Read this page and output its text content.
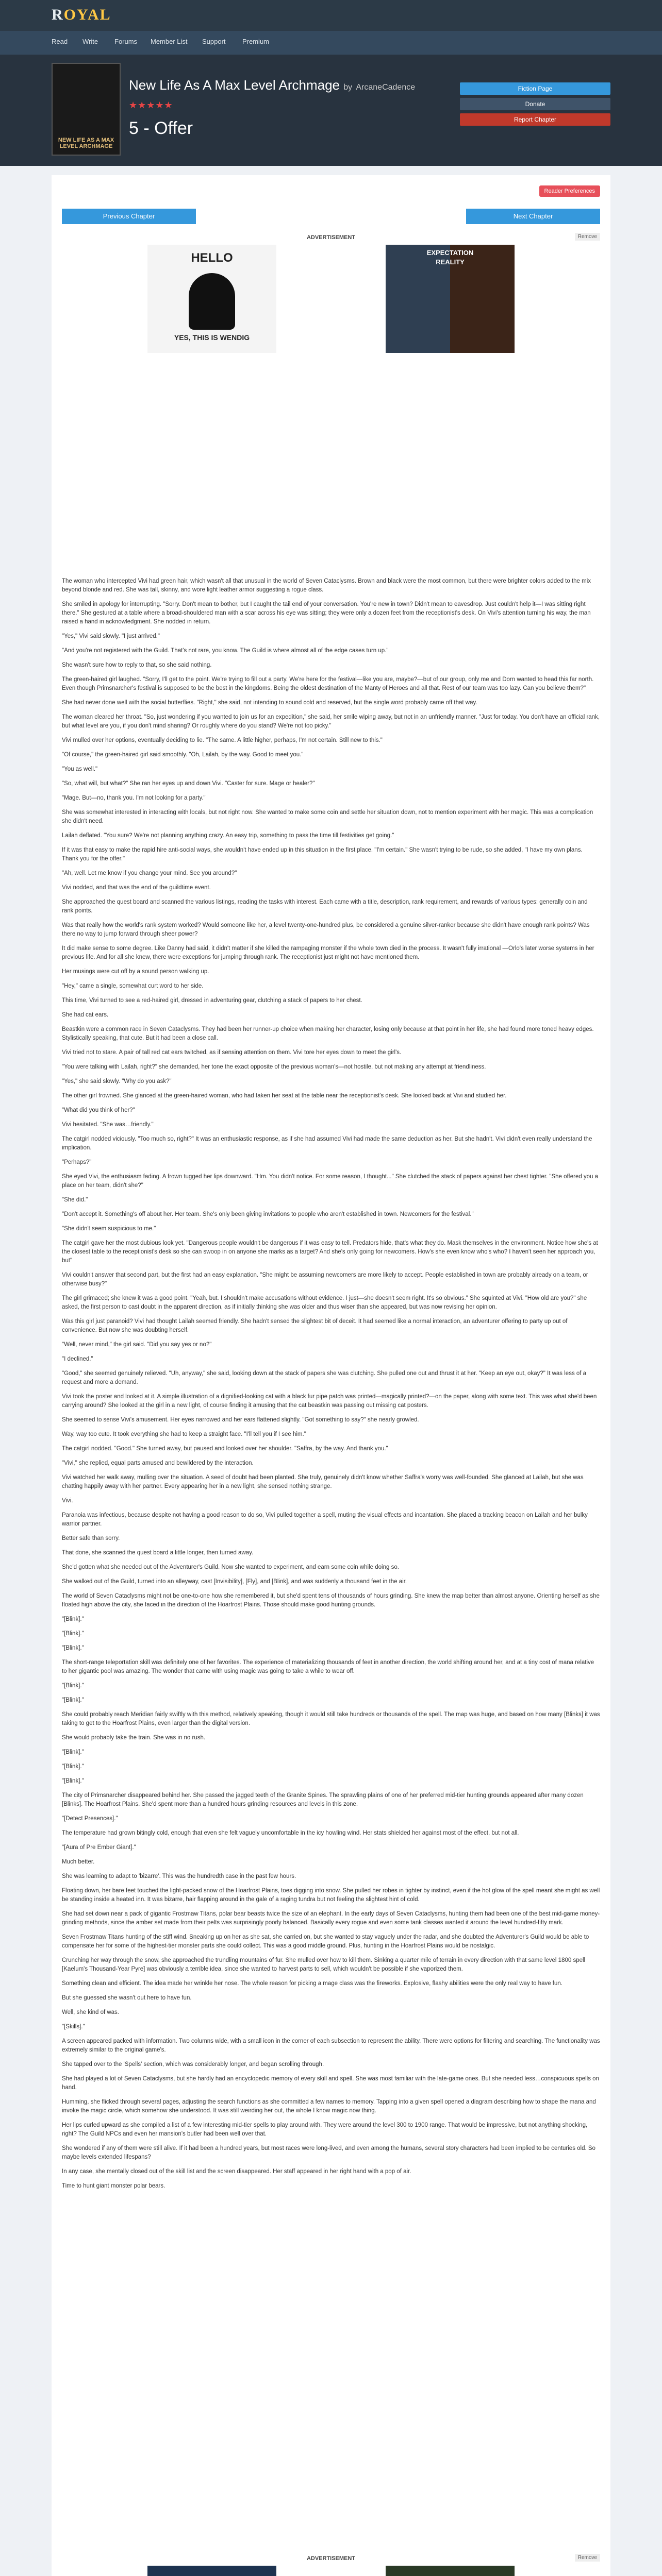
ROYAL
Read Write Forums Member List Support Premium
NEW LIFE AS A MAX LEVEL ARCHMAGE
New Life As A Max Level Archmage by ArcaneCadence
★★★★★
5 - Offer
Fiction Page
Donate
Report Chapter
Reader Preferences
Previous Chapter	Next Chapter
ADVERTISEMENT	Remove
HELLO
YES, THIS IS WENDIG
EXPECTATION
REALITY

The woman who intercepted Vivi had green hair, which wasn't all that unusual in the world of Seven Cataclysms. Brown and black were the most common, but there were brighter colors added to the mix beyond blonde and red. She was tall, skinny, and wore light leather armor suggesting a rogue class.

She smiled in apology for interrupting. "Sorry. Don't mean to bother, but I caught the tail end of your conversation. You're new in town? Didn't mean to eavesdrop. Just couldn't help it—I was sitting right there." She gestured at a table where a broad-shouldered man with a scar across his eye was sitting; they were only a dozen feet from the receptionist's desk. On Vivi's attention turning his way, the man raised a hand in acknowledgment. She nodded in return.

"Yes," Vivi said slowly. "I just arrived."

"And you're not registered with the Guild. That's not rare, you know. The Guild is where almost all of the edge cases turn up."

She wasn't sure how to reply to that, so she said nothing.

The green-haired girl laughed. "Sorry, I'll get to the point. We're trying to fill out a party. We're here for the festival—like you are, maybe?—but of our group, only me and Dorn wanted to head this far north. Even though Primsnarcher's festival is supposed to be the best in the kingdoms. Being the oldest destination of the Manty of Heroes and all that. Rest of our team was too lazy. Can you believe them?"

She had never done well with the social butterflies. "Right," she said, not intending to sound cold and reserved, but the single word probably came off that way.

The woman cleared her throat. "So, just wondering if you wanted to join us for an expedition," she said, her smile wiping away, but not in an unfriendly manner. "Just for today. You don't have an official rank, but what level are you, if you don't mind sharing? Or roughly where do you stand? We're not too picky."

Vivi mulled over her options, eventually deciding to lie. "The same. A little higher, perhaps, I'm not certain. Still new to this."

"Of course," the green-haired girl said smoothly. "Oh, Lailah, by the way. Good to meet you."

"You as well."

"So, what will, but what?" She ran her eyes up and down Vivi. "Caster for sure. Mage or healer?"

"Mage. But—no, thank you. I'm not looking for a party."

She was somewhat interested in interacting with locals, but not right now. She wanted to make some coin and settle her situation down, not to mention experiment with her magic. This was a complication she didn't need.

Lailah deflated. "You sure? We're not planning anything crazy. An easy trip, something to pass the time till festivities get going."

If it was that easy to make the rapid hire anti-social ways, she wouldn't have ended up in this situation in the first place. "I'm certain." She wasn't trying to be rude, so she added, "I have my own plans. Thank you for the offer."

"Ah, well. Let me know if you change your mind. See you around?"

Vivi nodded, and that was the end of the guildtime event.

She approached the quest board and scanned the various listings, reading the tasks with interest. Each came with a title, description, rank requirement, and rewards of various types: generally coin and rank points.

Was that really how the world's rank system worked? Would someone like her, a level twenty-one-hundred plus, be considered a genuine silver-ranker because she didn't have enough rank points? Was there no way to jump forward through sheer power?

It did make sense to some degree. Like Danny had said, it didn't matter if she killed the rampaging monster if the whole town died in the process. It wasn't fully irrational —Orlo's later worse systems in her previous life. And for all she knew, there were exceptions for jumping through rank. The receptionist just might not have mentioned them.

Her musings were cut off by a sound person walking up.

"Hey," came a single, somewhat curt word to her side.

This time, Vivi turned to see a red-haired girl, dressed in adventuring gear, clutching a stack of papers to her chest.

She had cat ears.

Beastkin were a common race in Seven Cataclysms. They had been her runner-up choice when making her character, losing only because at that point in her life, she had found more toned heavy edges. Stylistically speaking, that cute. But it had been a close call.

Vivi tried not to stare. A pair of tall red cat ears twitched, as if sensing attention on them. Vivi tore her eyes down to meet the girl's.

"You were talking with Lailah, right?" she demanded, her tone the exact opposite of the previous woman's—not hostile, but not making any attempt at friendliness.

"Yes," she said slowly. "Why do you ask?"

The other girl frowned. She glanced at the green-haired woman, who had taken her seat at the table near the receptionist's desk. She looked back at Vivi and studied her.

"What did you think of her?"

Vivi hesitated. "She was…friendly."

The catgirl nodded viciously. "Too much so, right?" It was an enthusiastic response, as if she had assumed Vivi had made the same deduction as her. But she hadn't. Vivi didn't even really understand the implication.

"Perhaps?"

She eyed Vivi, the enthusiasm fading. A frown tugged her lips downward. "Hm. You didn't notice. For some reason, I thought..." She clutched the stack of papers against her chest tighter. "She offered you a place on her team, didn't she?"

"She did."

"Don't accept it. Something's off about her. Her team. She's only been giving invitations to people who aren't established in town. Newcomers for the festival."

"She didn't seem suspicious to me."

The catgirl gave her the most dubious look yet. "Dangerous people wouldn't be dangerous if it was easy to tell. Predators hide, that's what they do. Mask themselves in the environment. Notice how she's at the closest table to the receptionist's desk so she can swoop in on anyone she marks as a target? And she's only going for newcomers. How's she even know who's who? I haven't seen her approach you, but"

Vivi couldn't answer that second part, but the first had an easy explanation. "She might be assuming newcomers are more likely to accept. People established in town are probably already on a team, or otherwise busy?"

The girl grimaced; she knew it was a good point. "Yeah, but. I shouldn't make accusations without evidence. I just—she doesn't seem right. It's so obvious." She squinted at Vivi. "How old are you?" she asked, the first person to cast doubt in the apparent direction, as if initially thinking she was older and thus wiser than she appeared, but was now revising her opinion.

Was this girl just paranoid? Vivi had thought Lailah seemed friendly. She hadn't sensed the slightest bit of deceit. It had seemed like a normal interaction, an adventurer offering to party up out of convenience. But now she was doubting herself.

"Well, never mind," the girl said. "Did you say yes or no?"

"I declined."

"Good," she seemed genuinely relieved. "Uh, anyway," she said, looking down at the stack of papers she was clutching. She pulled one out and thrust it at her. "Keep an eye out, okay?" It was less of a request and more a demand.

Vivi took the poster and looked at it. A simple illustration of a dignified-looking cat with a black fur pipe patch was printed—magically printed?—on the paper, along with some text. This was what she'd been carrying around? She looked at the girl in a new light, of course finding it amusing that the cat beastkin was passing out missing cat posters.

She seemed to sense Vivi's amusement. Her eyes narrowed and her ears flattened slightly. "Got something to say?" she nearly growled.

Way, way too cute. It took everything she had to keep a straight face. "I'll tell you if I see him."

The catgirl nodded. "Good." She turned away, but paused and looked over her shoulder. "Saffra, by the way. And thank you."

"Vivi," she replied, equal parts amused and bewildered by the interaction.

Vivi watched her walk away, mulling over the situation. A seed of doubt had been planted. She truly, genuinely didn't know whether Saffra's worry was well-founded. She glanced at Lailah, but she was chatting happily away with her partner. Every appearing her in a new light, she sensed nothing strange.

Vivi.

Paranoia was infectious, because despite not having a good reason to do so, Vivi pulled together a spell, muting the visual effects and incantation. She placed a tracking beacon on Lailah and her bulky warrior partner.

Better safe than sorry.

That done, she scanned the quest board a little longer, then turned away.

She'd gotten what she needed out of the Adventurer's Guild. Now she wanted to experiment, and earn some coin while doing so.

She walked out of the Guild, turned into an alleyway, cast [Invisibility], [Fly], and [Blink], and was suddenly a thousand feet in the air.

The world of Seven Cataclysms might not be one-to-one how she remembered it, but she'd spent tens of thousands of hours grinding. She knew the map better than almost anyone. Orienting herself as she floated high above the city, she faced in the direction of the Hoarfrost Plains. Those should make good hunting grounds.

"[Blink]."

"[Blink]."

"[Blink]."

The short-range teleportation skill was definitely one of her favorites. The experience of materializing thousands of feet in another direction, the world shifting around her, and at a tiny cost of mana relative to her gigantic pool was amazing. The wonder that came with using magic was going to take a while to wear off.

"[Blink]."

"[Blink]."

She could probably reach Meridian fairly swiftly with this method, relatively speaking, though it would still take hundreds or thousands of the spell. The map was huge, and based on how many [Blinks] it was taking to get to the Hoarfrost Plains, even larger than the digital version.

She would probably take the train. She was in no rush.

"[Blink]."

"[Blink]."

"[Blink]."

The city of Primsnarcher disappeared behind her. She passed the jagged teeth of the Granite Spines. The sprawling plains of one of her preferred mid-tier hunting grounds appeared after many dozen [Blinks]. The Hoarfrost Plains. She'd spent more than a hundred hours grinding resources and levels in this zone.

"[Detect Presences]."

The temperature had grown bitingly cold, enough that even she felt vaguely uncomfortable in the icy howling wind. Her stats shielded her against most of the effect, but not all.

"[Aura of Pre Ember Giant]."

Much better.

She was learning to adapt to 'bizarre'. This was the hundredth case in the past few hours.

Floating down, her bare feet touched the light-packed snow of the Hoarfrost Plains, toes digging into snow. She pulled her robes in tighter by instinct, even if the hot glow of the spell meant she might as well be standing inside a heated inn. It was bizarre, hair flapping around in the gale of a raging tundra but not feeling the slightest hint of cold.

She had set down near a pack of gigantic Frostmaw Titans, polar bear beasts twice the size of an elephant. In the early days of Seven Cataclysms, hunting them had been one of the best mid-game money-grinding methods, since the amber set made from their pelts was surprisingly poorly balanced. Basically every rogue and even some tank classes wanted it around the level hundred-fifty mark.

Seven Frostmaw Titans hunting of the stiff wind. Sneaking up on her as she sat, she carried on, but she wanted to stay vaguely under the radar, and she doubted the Adventurer's Guild would be able to compensate her for some of the highest-tier monster parts she could collect. This was a good middle ground. Plus, hunting in the Hoarfrost Plains would be nostalgic.

Crunching her way through the snow, she approached the trundling mountains of fur. She mulled over how to kill them. Sinking a quarter mile of terrain in every direction with that same level 1800 spell [Kaelum's Thousand-Year Pyre] was obviously a terrible idea, since she wanted to harvest parts to sell, which wouldn't be possible if she vaporized them.

Something clean and efficient. The idea made her wrinkle her nose. The whole reason for picking a mage class was the fireworks. Explosive, flashy abilities were the only real way to have fun.

But she guessed she wasn't out here to have fun.

Well, she kind of was.

"[Skills]."

A screen appeared packed with information. Two columns wide, with a small icon in the corner of each subsection to represent the ability. There were options for filtering and searching. The functionality was extremely similar to the original game's.

She tapped over to the 'Spells' section, which was considerably longer, and began scrolling through.

She had played a lot of Seven Cataclysms, but she hardly had an encyclopedic memory of every skill and spell. She was most familiar with the late-game ones. But she needed less…conspicuous spells on hand.

Humming, she flicked through several pages, adjusting the search functions as she committed a few names to memory. Tapping into a given spell opened a diagram describing how to shape the mana and invoke the magic circle, which somehow she understood. It was still weirding her out, the whole I know magic now thing.

Her lips curled upward as she compiled a list of a few interesting mid-tier spells to play around with. They were around the level 300 to 1900 range. That would be impressive, but not anything shocking, right? The Guild NPCs and even her mansion's butler had been well over that.

She wondered if any of them were still alive. If it had been a hundred years, but most races were long-lived, and even among the humans, several story characters had been implied to be centuries old. So maybe levels extended lifespans?

In any case, she mentally closed out of the skill list and the screen disappeared. Her staff appeared in her right hand with a pop of air.

Time to hunt giant monster polar bears.

ADVERTISEMENT	Remove
